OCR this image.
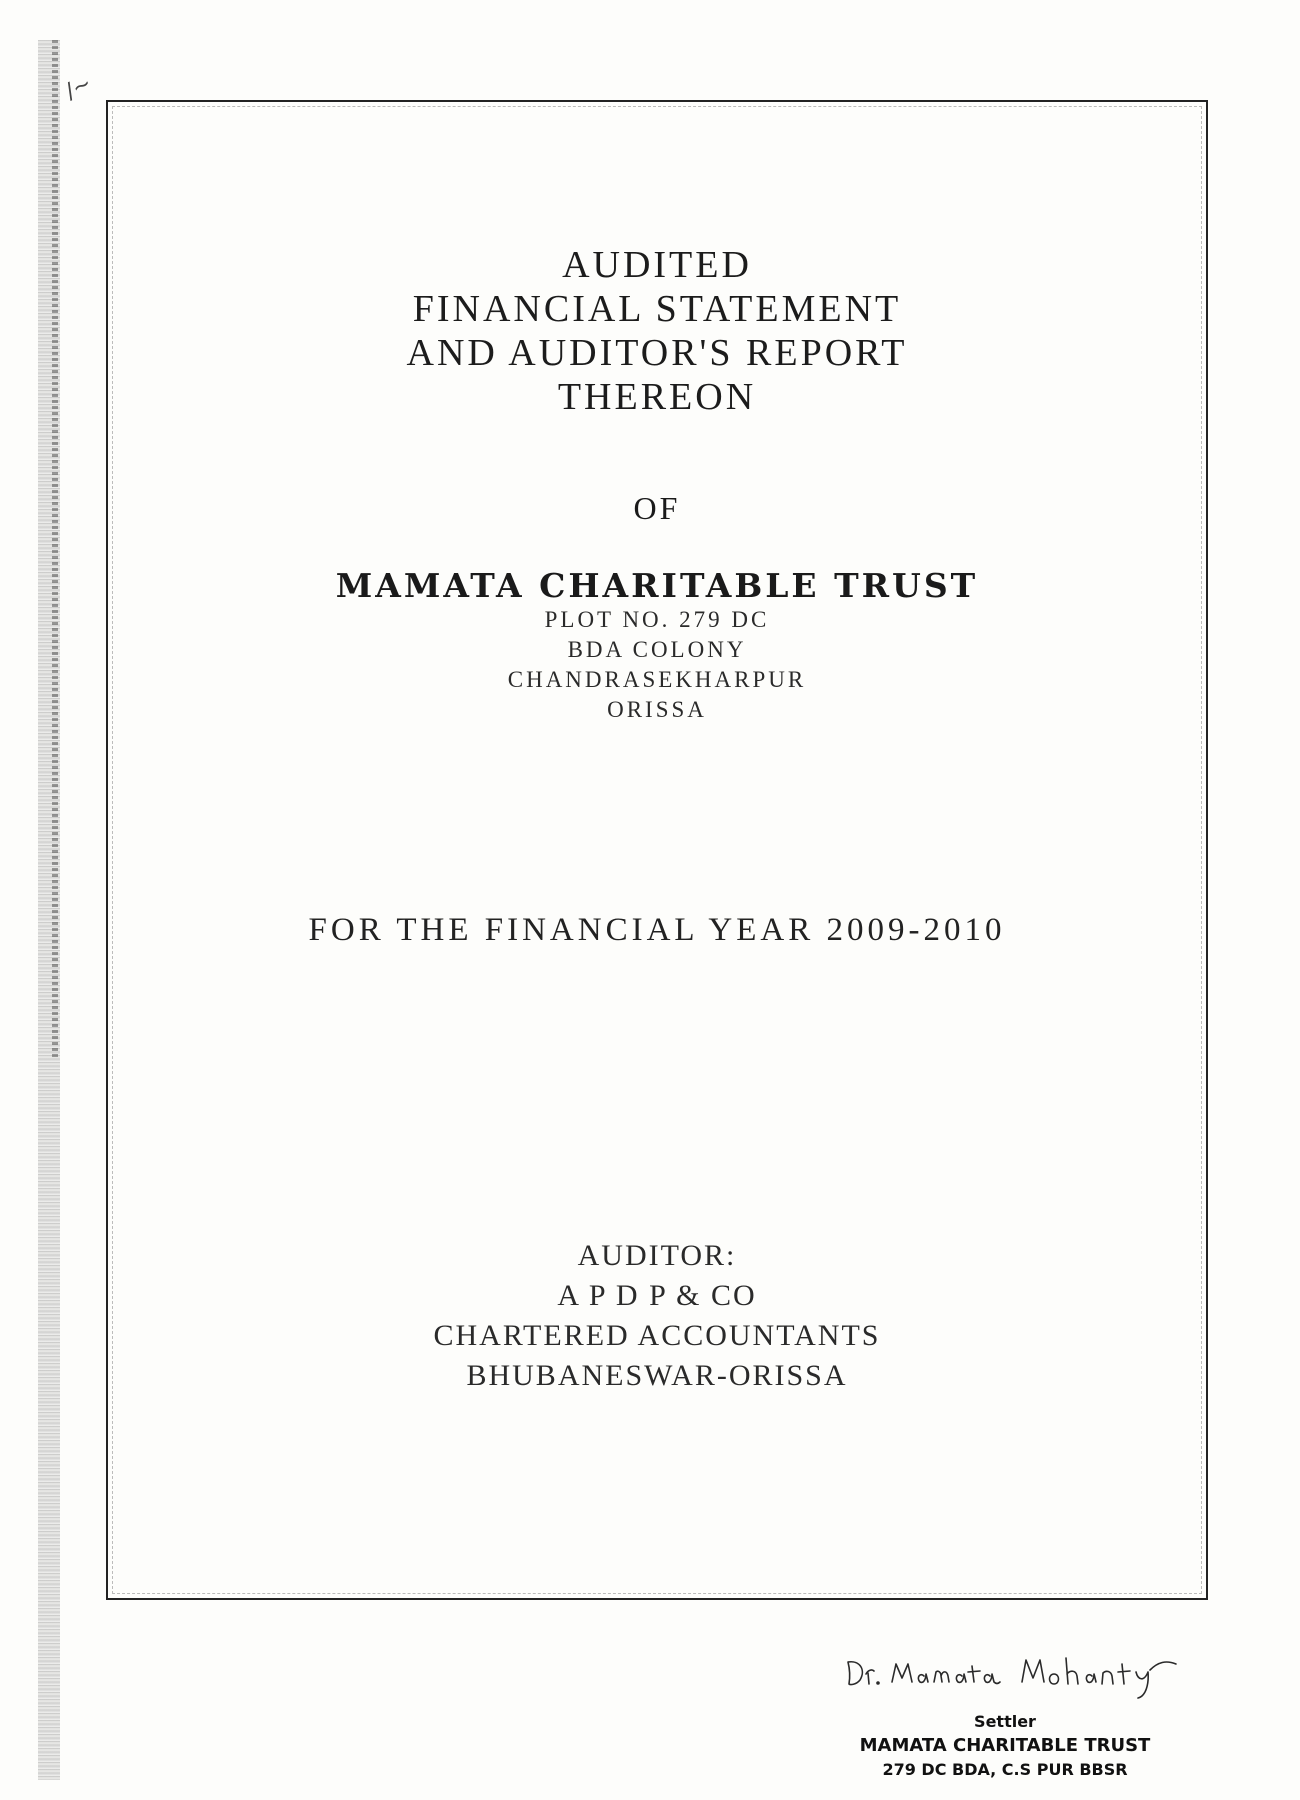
/~

AUDITED

FINANCIAL STATEMENT

AND AUDITOR'S REPORT

THEREON

OF
MAMATA CHARITABLE TRUST
PLOT NO. 279 DC
BDA COLONY
CHANDRASEKHARPUR
ORISSA
FOR THE FINANCIAL YEAR 2009-2010
AUDITOR:
A P D P & CO
CHARTERED ACCOUNTANTS
BHUBANESWAR-ORISSA

Settler

MAMATA CHARITABLE TRUST

279 DC BDA, C.S PUR BBSR
